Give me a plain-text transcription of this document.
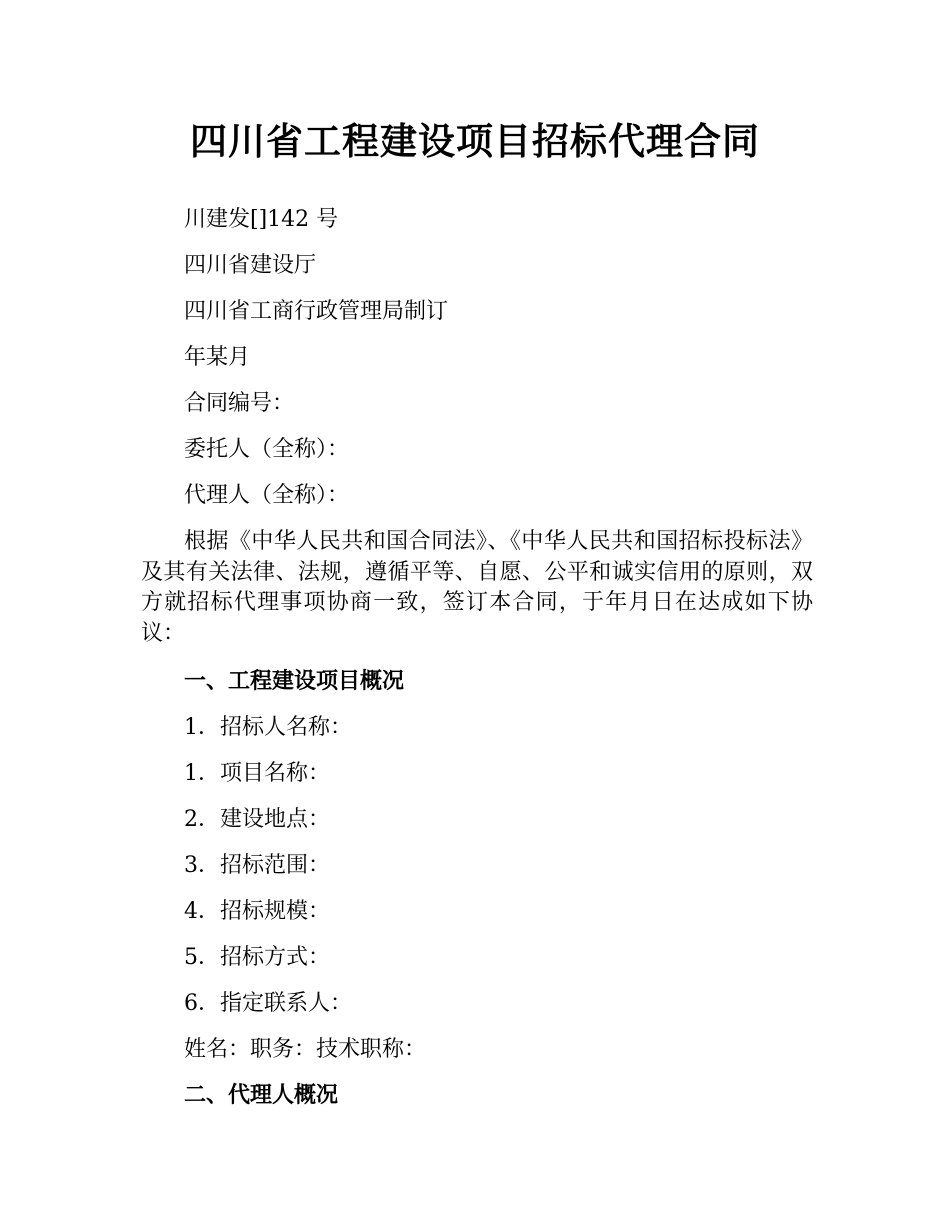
四川省工程建设项目招标代理合同
川建发[]142 号
四川省建设厅
四川省工商行政管理局制订
年某月
合同编号：
委托人（全称）：
代理人（全称）：
根据《中华人民共和国合同法》、《中华人民共和国招标投标法》及其有关法律、法规，遵循平等、自愿、公平和诚实信用的原则，双方就招标代理事项协商一致，签订本合同，于年月日在达成如下协议：
一、工程建设项目概况
1．招标人名称：
1．项目名称：
2．建设地点：
3．招标范围：
4．招标规模：
5．招标方式：
6．指定联系人：
姓名：职务：技术职称：
二、代理人概况
